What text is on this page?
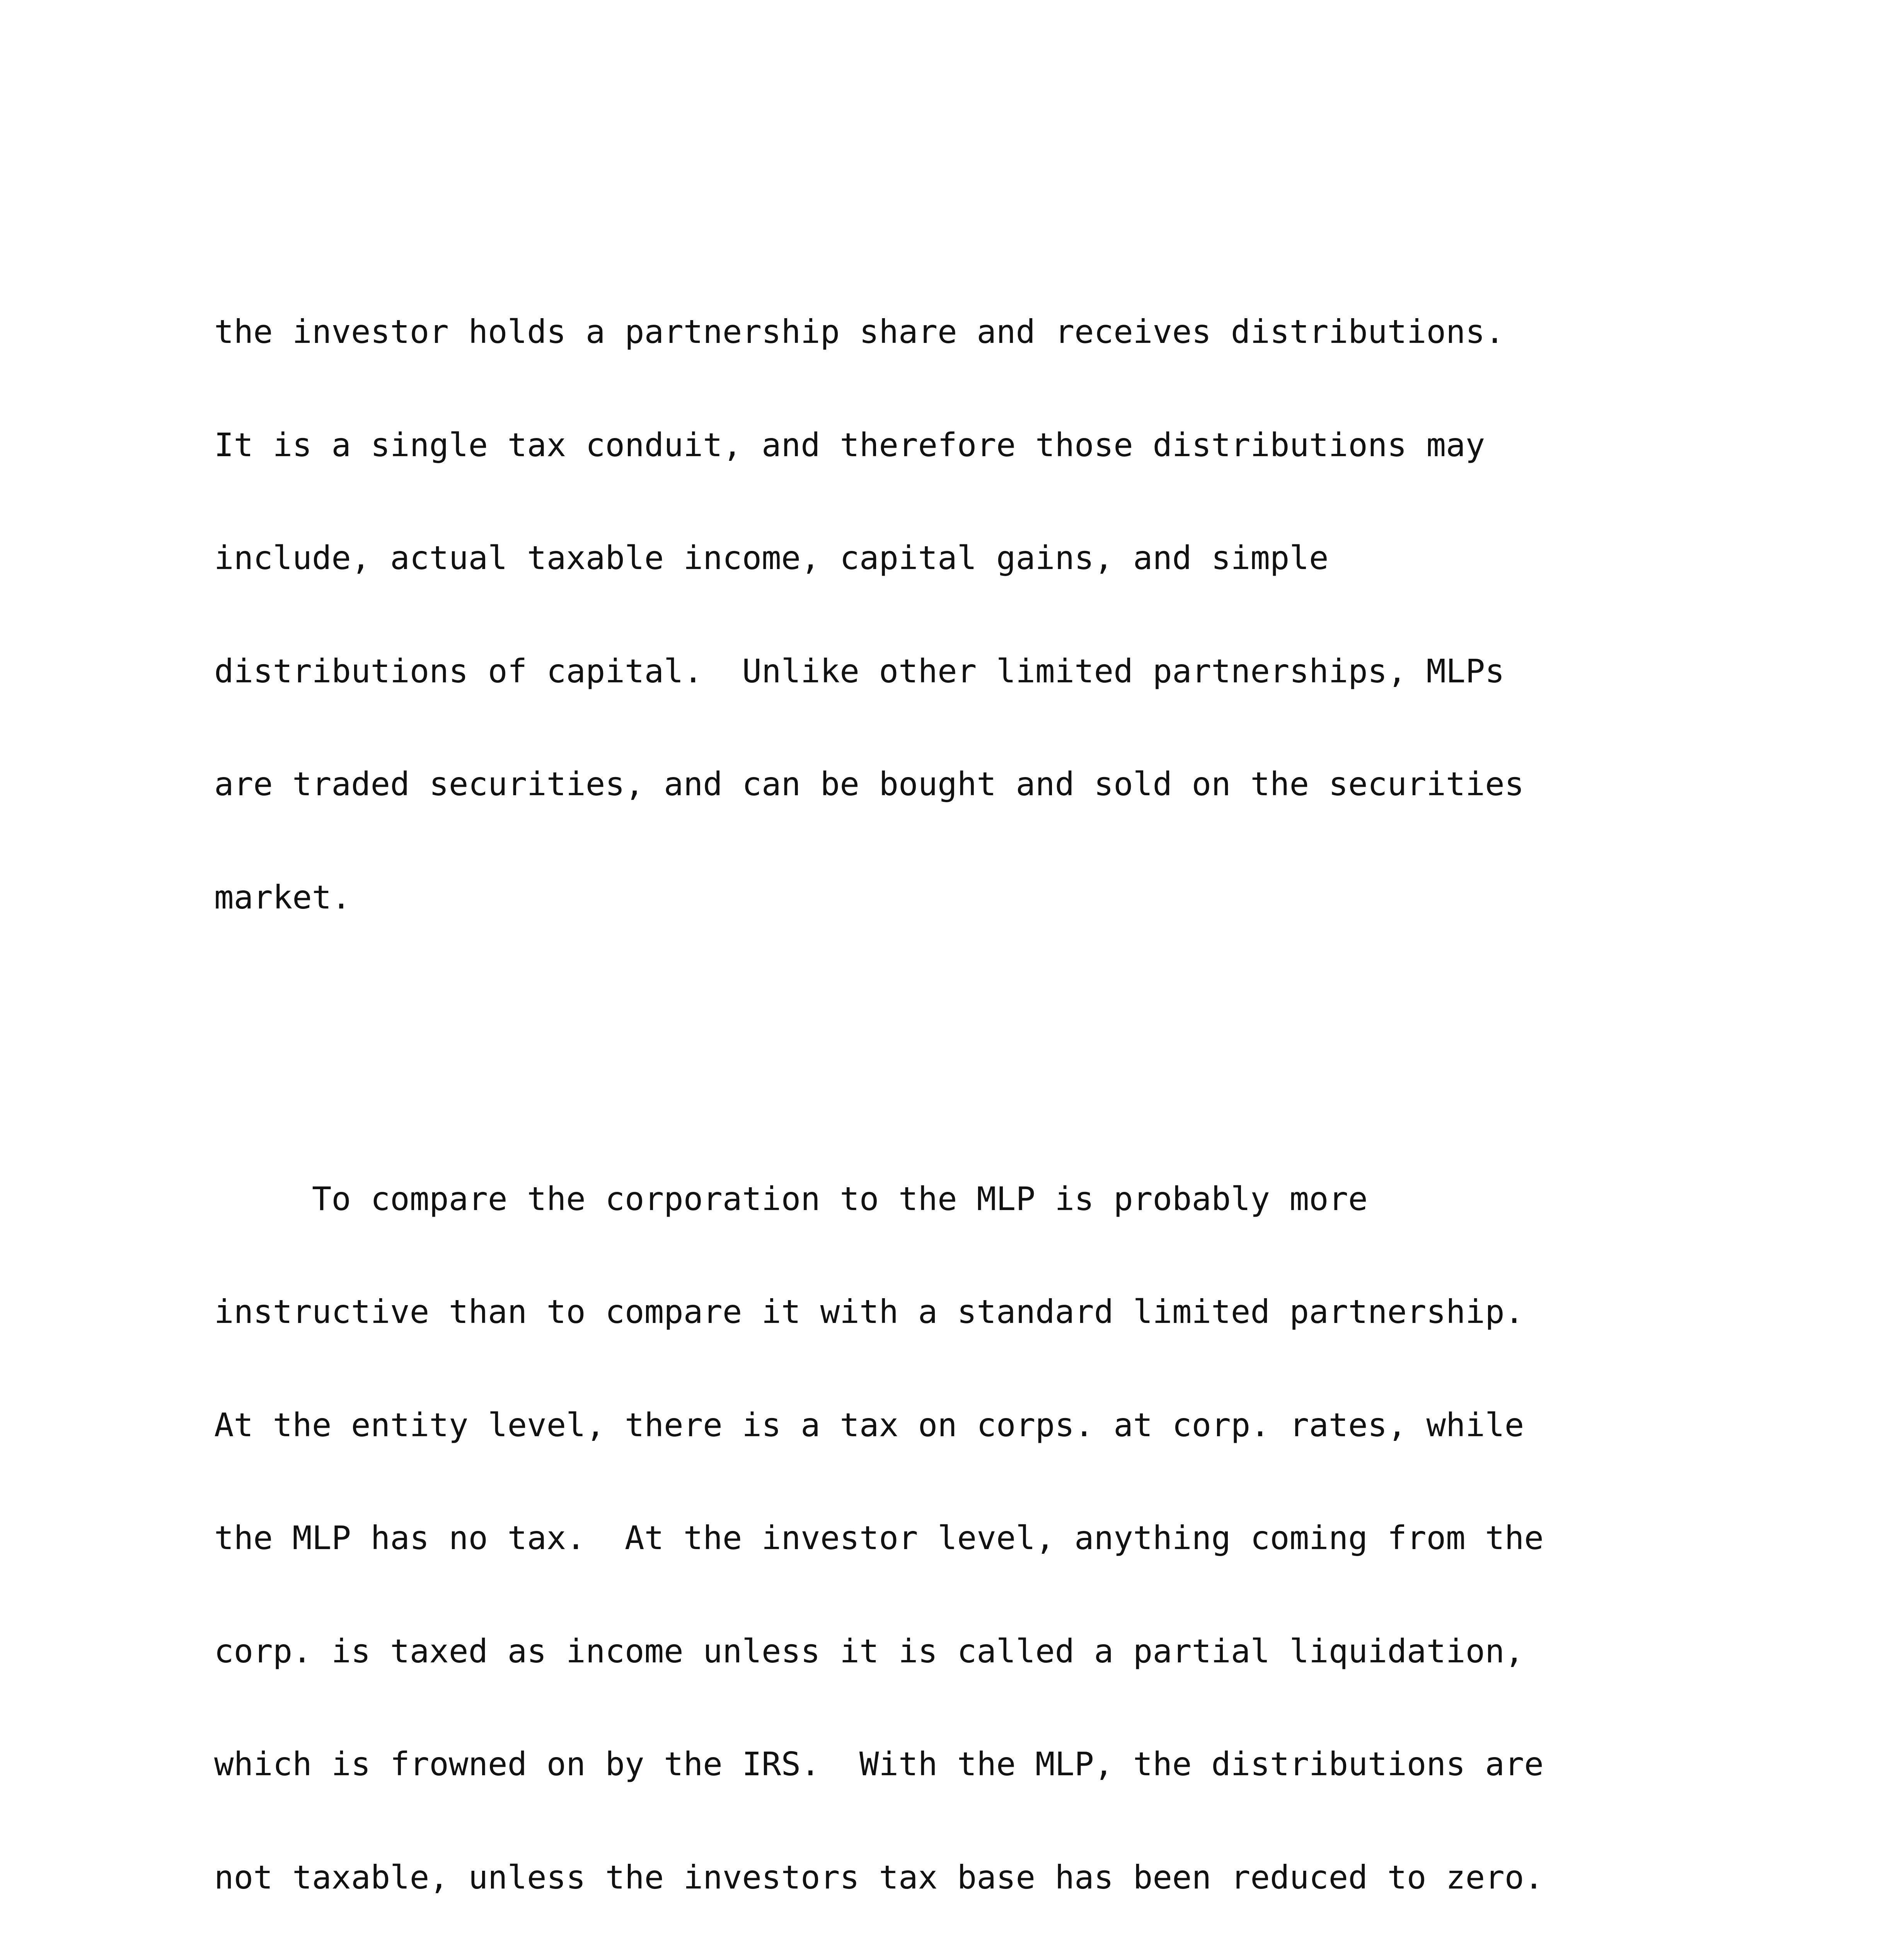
the investor holds a partnership share and receives distributions.

It is a single tax conduit, and therefore those distributions may

include, actual taxable income, capital gains, and simple

distributions of capital.  Unlike other limited partnerships, MLPs

are traded securities, and can be bought and sold on the securities

market.

To compare the corporation to the MLP is probably more

instructive than to compare it with a standard limited partnership.

At the entity level, there is a tax on corps. at corp. rates, while

the MLP has no tax.  At the investor level, anything coming from the

corp. is taxed as income unless it is called a partial liquidation,

which is frowned on by the IRS.  With the MLP, the distributions are

not taxable, unless the investors tax base has been reduced to zero.
